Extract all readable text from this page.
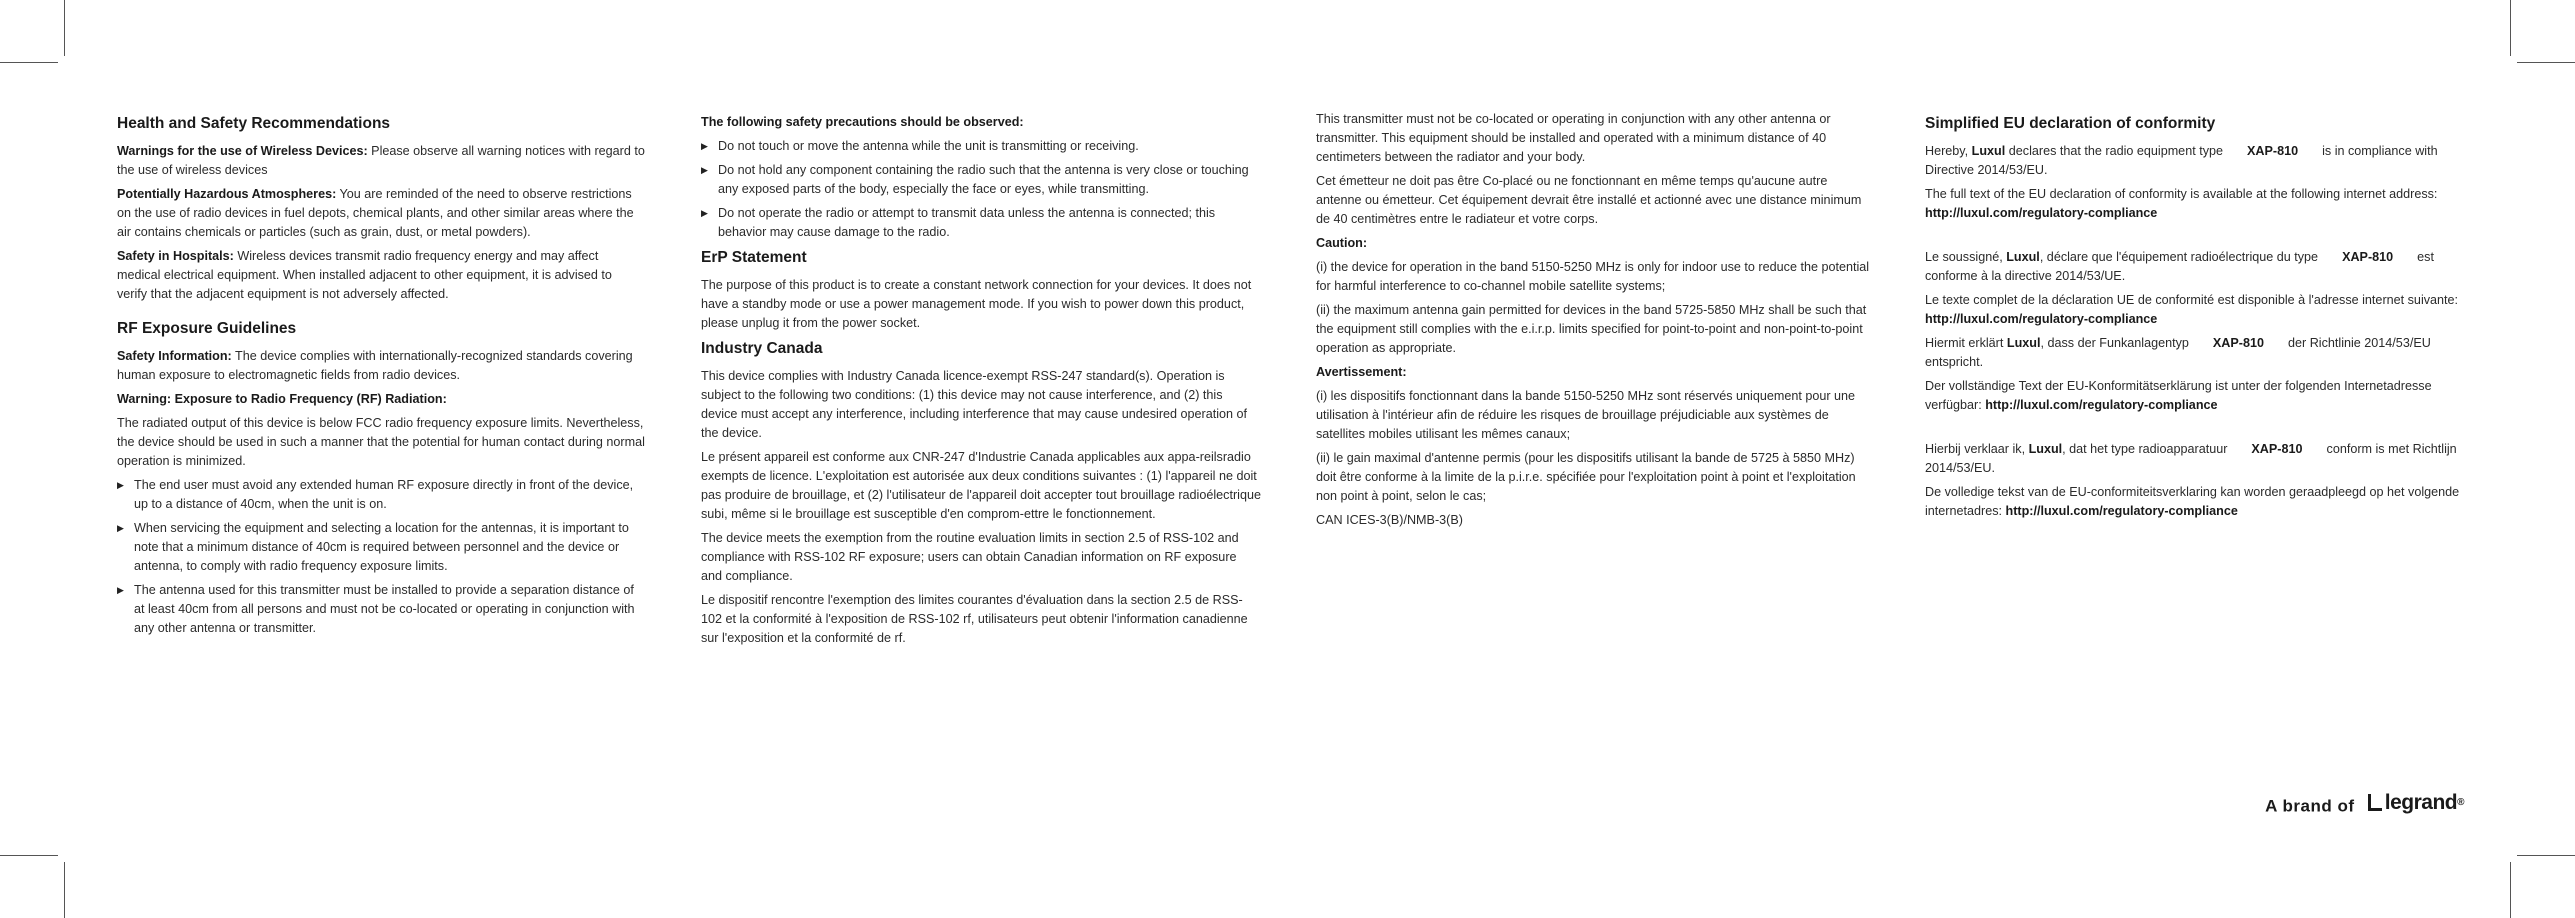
Health and Safety Recommendations

Warnings for the use of Wireless Devices: Please observe all warning notices with regard to the use of wireless devices

Potentially Hazardous Atmospheres: You are reminded of the need to observe restrictions on the use of radio devices in fuel depots, chemical plants, and other similar areas where the air contains chemicals or particles (such as grain, dust, or metal powders).

Safety in Hospitals: Wireless devices transmit radio frequency energy and may affect medical electrical equipment. When installed adjacent to other equipment, it is advised to verify that the adjacent equipment is not adversely affected.

RF Exposure Guidelines

Safety Information: The device complies with internationally-recognized standards covering human exposure to electromagnetic fields from radio devices.

Warning: Exposure to Radio Frequency (RF) Radiation:

The radiated output of this device is below FCC radio frequency exposure limits. Nevertheless, the device should be used in such a manner that the potential for human contact during normal operation is minimized.

▶ The end user must avoid any extended human RF exposure directly in front of the device, up to a distance of 40cm, when the unit is on.
▶ When servicing the equipment and selecting a location for the antennas, it is important to note that a minimum distance of 40cm is required between personnel and the device or antenna, to comply with radio frequency exposure limits.
▶ The antenna used for this transmitter must be installed to provide a separation distance of at least 40cm from all persons and must not be co-located or operating in conjunction with any other antenna or transmitter.

The following safety precautions should be observed:

▶ Do not touch or move the antenna while the unit is transmitting or receiving.
▶ Do not hold any component containing the radio such that the antenna is very close or touching any exposed parts of the body, especially the face or eyes, while transmitting.
▶ Do not operate the radio or attempt to transmit data unless the antenna is connected; this behavior may cause damage to the radio.
ErP Statement

The purpose of this product is to create a constant network connection for your devices. It does not have a standby mode or use a power management mode. If you wish to power down this product, please unplug it from the power socket.

Industry Canada

This device complies with Industry Canada licence-exempt RSS-247 standard(s). Operation is subject to the following two conditions: (1) this device may not cause interference, and (2) this device must accept any interference, including interference that may cause undesired operation of the device.

Le présent appareil est conforme aux CNR-247 d'Industrie Canada applicables aux appa-reilsradio exempts de licence. L'exploitation est autorisée aux deux conditions suivantes : (1) l'appareil ne doit pas produire de brouillage, et (2) l'utilisateur de l'appareil doit accepter tout brouillage radioélectrique subi, même si le brouillage est susceptible d'en comprom-ettre le fonctionnement.

The device meets the exemption from the routine evaluation limits in section 2.5 of RSS-102 and compliance with RSS-102 RF exposure; users can obtain Canadian information on RF exposure and compliance.

Le dispositif rencontre l'exemption des limites courantes d'évaluation dans la section 2.5 de RSS-102 et la conformité à l'exposition de RSS-102 rf, utilisateurs peut obtenir l'information canadienne sur l'exposition et la conformité de rf.

This transmitter must not be co-located or operating in conjunction with any other antenna or transmitter. This equipment should be installed and operated with a minimum distance of 40 centimeters between the radiator and your body.

Cet émetteur ne doit pas être Co-placé ou ne fonctionnant en même temps qu'aucune autre antenne ou émetteur. Cet équipement devrait être installé et actionné avec une distance minimum de 40 centimètres entre le radiateur et votre corps.

Caution:

(i) the device for operation in the band 5150-5250 MHz is only for indoor use to reduce the potential for harmful interference to co-channel mobile satellite systems;

(ii) the maximum antenna gain permitted for devices in the band 5725-5850 MHz shall be such that the equipment still complies with the e.i.r.p. limits specified for point-to-point and non-point-to-point operation as appropriate.

Avertissement:

(i) les dispositifs fonctionnant dans la bande 5150-5250 MHz sont réservés uniquement pour une utilisation à l'intérieur afin de réduire les risques de brouillage préjudiciable aux systèmes de satellites mobiles utilisant les mêmes canaux;

(ii) le gain maximal d'antenne permis (pour les dispositifs utilisant la bande de 5725 à 5850 MHz) doit être conforme à la limite de la p.i.r.e. spécifiée pour l'exploitation point à point et l'exploitation non point à point, selon le cas;

CAN ICES-3(B)/NMB-3(B)

Simplified EU declaration of conformity

Hereby, Luxul declares that the radio equipment type XAP-810 is in compliance with Directive 2014/53/EU.

The full text of the EU declaration of conformity is available at the following internet address: http://luxul.com/regulatory-compliance

Le soussigné, Luxul, déclare que l'équipement radioélectrique du type XAP-810 est conforme à la directive 2014/53/UE.

Le texte complet de la déclaration UE de conformité est disponible à l'adresse internet suivante: http://luxul.com/regulatory-compliance

Hiermit erklärt Luxul, dass der Funkanlagentyp XAP-810 der Richtlinie 2014/53/EU entspricht.

Der vollständige Text der EU-Konformitätserklärung ist unter der folgenden Internetadresse verfügbar: http://luxul.com/regulatory-compliance

Hierbij verklaar ik, Luxul, dat het type radioapparatuur XAP-810 conform is met Richtlijn 2014/53/EU.

De volledige tekst van de EU-conformiteitsverklaring kan worden geraadpleegd op het volgende internetadres: http://luxul.com/regulatory-compliance

A brand of legrand ®
